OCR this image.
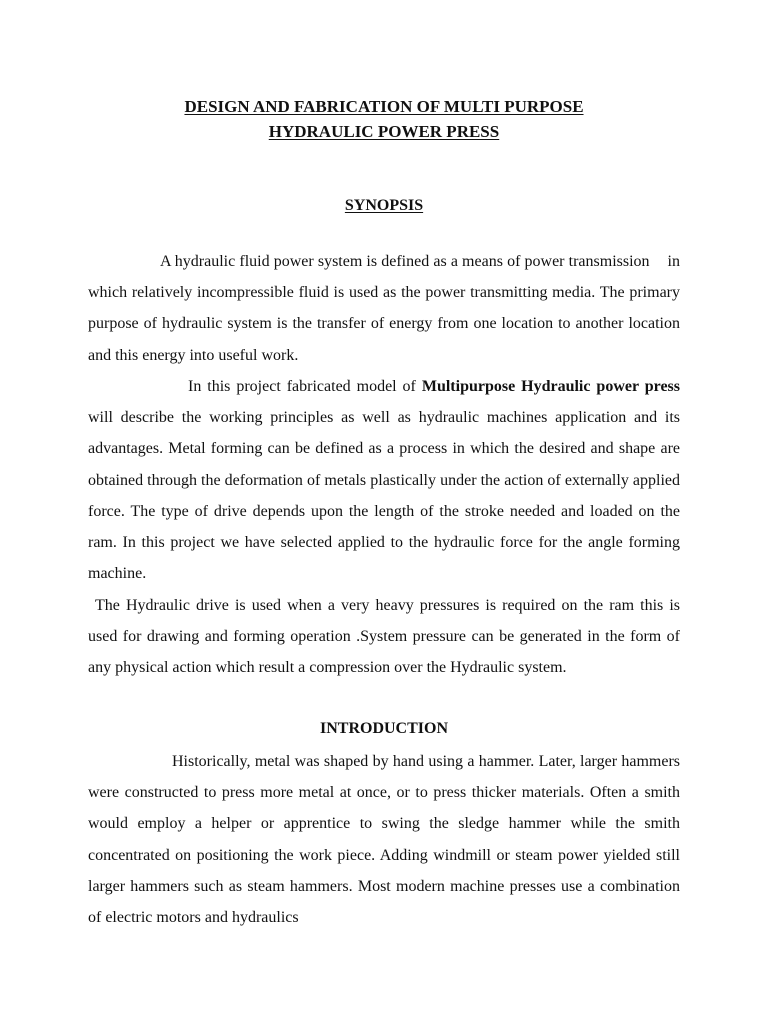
DESIGN AND FABRICATION OF MULTI PURPOSE
HYDRAULIC POWER PRESS
SYNOPSIS

A hydraulic fluid power system is defined as a means of power transmission in which relatively incompressible fluid is used as the power transmitting media. The primary purpose of hydraulic system is the transfer of energy from one location to another location and this energy into useful work.

In this project fabricated model of Multipurpose Hydraulic power press will describe the working principles as well as hydraulic machines application and its advantages. Metal forming can be defined as a process in which the desired and shape are obtained through the deformation of metals plastically under the action of externally applied force. The type of drive depends upon the length of the stroke needed and loaded on the ram. In this project we have selected applied to the hydraulic force for the angle forming machine.

The Hydraulic drive is used when a very heavy pressures is required on the ram this is used for drawing and forming operation .System pressure can be generated in the form of any physical action which result a compression over the Hydraulic system.

INTRODUCTION

Historically, metal was shaped by hand using a hammer. Later, larger hammers were constructed to press more metal at once, or to press thicker materials. Often a smith would employ a helper or apprentice to swing the sledge hammer while the smith concentrated on positioning the work piece. Adding windmill or steam power yielded still larger hammers such as steam hammers. Most modern machine presses use a combination of electric motors and hydraulics
